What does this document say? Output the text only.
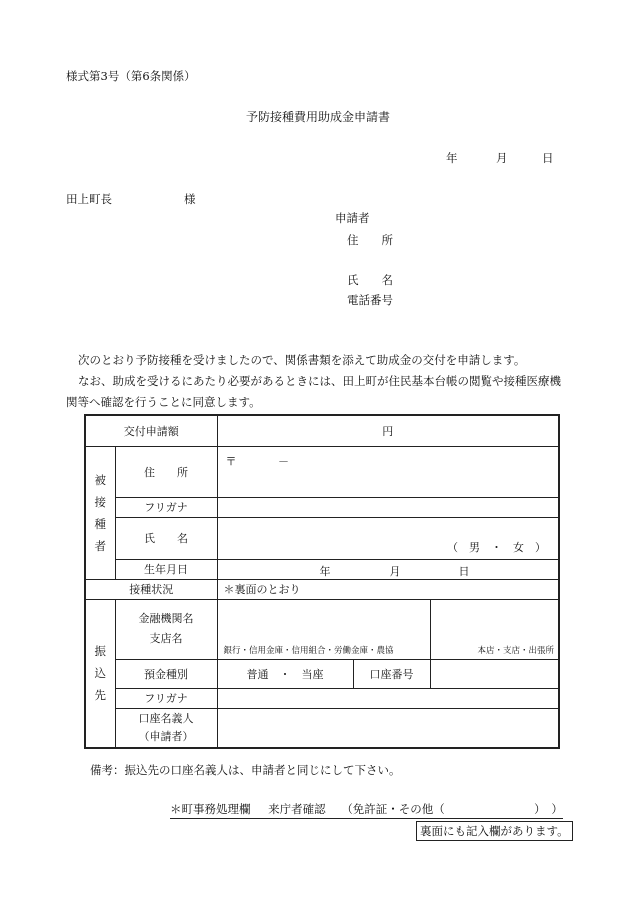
様式第3号（第6条関係）
予防接種費用助成金申請書
年	月	日
田上町長	様
申請者
住　　所
氏　　名
電話番号
次のとおり予防接種を受けましたので、関係書類を添えて助成金の交付を申請します。
なお、助成を受けるにあたり必要があるときには、田上町が住民基本台帳の閲覧や接種医療機
関等へ確認を行うことに同意します。
交付申請額		円		

被
接
種
者	住　　所	〒 －		
	フリガナ			
	氏　　名	（　男　・　女　）		
	生年月日	年 月 日		

接種状況		＊裏面のとおり		

振
込
先	金融機関名
支店名	銀行・信用金庫・信用組合・労働金庫・農協		本店・支店・出張所
	預金種別	普通　・　当座	口座番号	
	フリガナ			
	口座名義人
（申請者）			
備考：振込先の口座名義人は、申請者と同じにして下さい。
＊町事務処理欄 来庁者確認 （免許証・その他（	）　）
裏面にも記入欄があります。
